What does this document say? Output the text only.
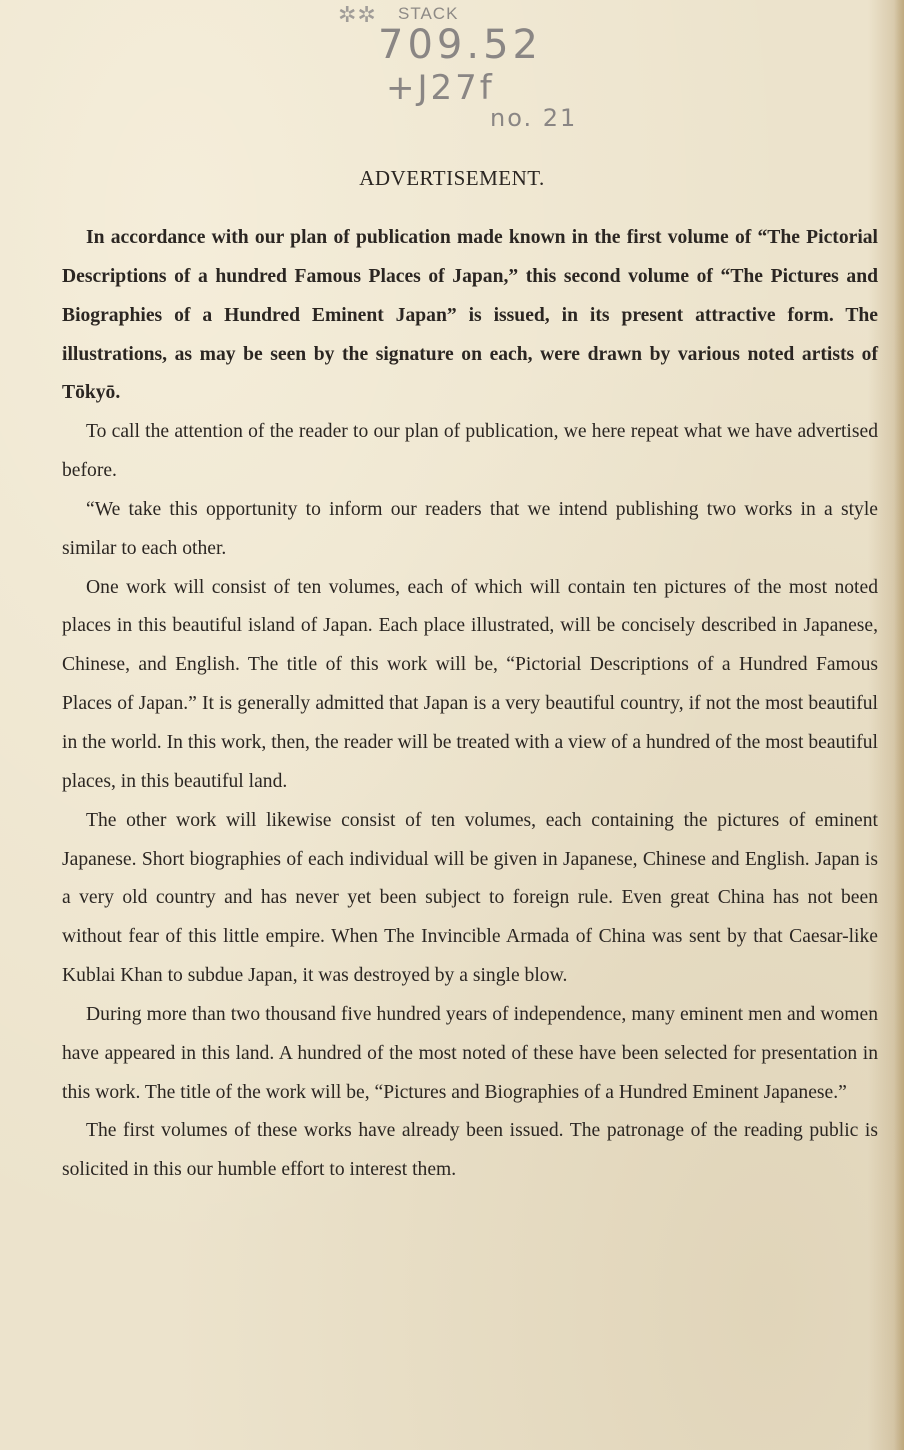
✲✲ STACK
709.52
+J27f
no. 21
ADVERTISEMENT.

In accordance with our plan of publication made known in the first volume of “The Pictorial Descriptions of a hundred Famous Places of Japan,” this second volume of “The Pictures and Biographies of a Hundred Eminent Japan” is issued, in its present attractive form. The illustrations, as may be seen by the signature on each, were drawn by various noted artists of Tōkyō.

To call the attention of the reader to our plan of publication, we here repeat what we have advertised before.

“We take this opportunity to inform our readers that we intend publishing two works in a style similar to each other.

One work will consist of ten volumes, each of which will contain ten pictures of the most noted places in this beautiful island of Japan. Each place illustrated, will be concisely described in Japanese, Chinese, and English. The title of this work will be, “Pictorial Descriptions of a Hundred Famous Places of Japan.” It is generally admitted that Japan is a very beautiful country, if not the most beautiful in the world. In this work, then, the reader will be treated with a view of a hundred of the most beautiful places, in this beautiful land.

The other work will likewise consist of ten volumes, each containing the pictures of eminent Japanese. Short biographies of each individual will be given in Japanese, Chinese and English. Japan is a very old country and has never yet been subject to foreign rule. Even great China has not been without fear of this little empire. When The Invincible Armada of China was sent by that Caesar-like Kublai Khan to subdue Japan, it was destroyed by a single blow.

During more than two thousand five hundred years of independence, many eminent men and women have appeared in this land. A hundred of the most noted of these have been selected for presentation in this work. The title of the work will be, “Pictures and Biographies of a Hundred Eminent Japanese.”

The first volumes of these works have already been issued. The patronage of the reading public is solicited in this our humble effort to interest them.
